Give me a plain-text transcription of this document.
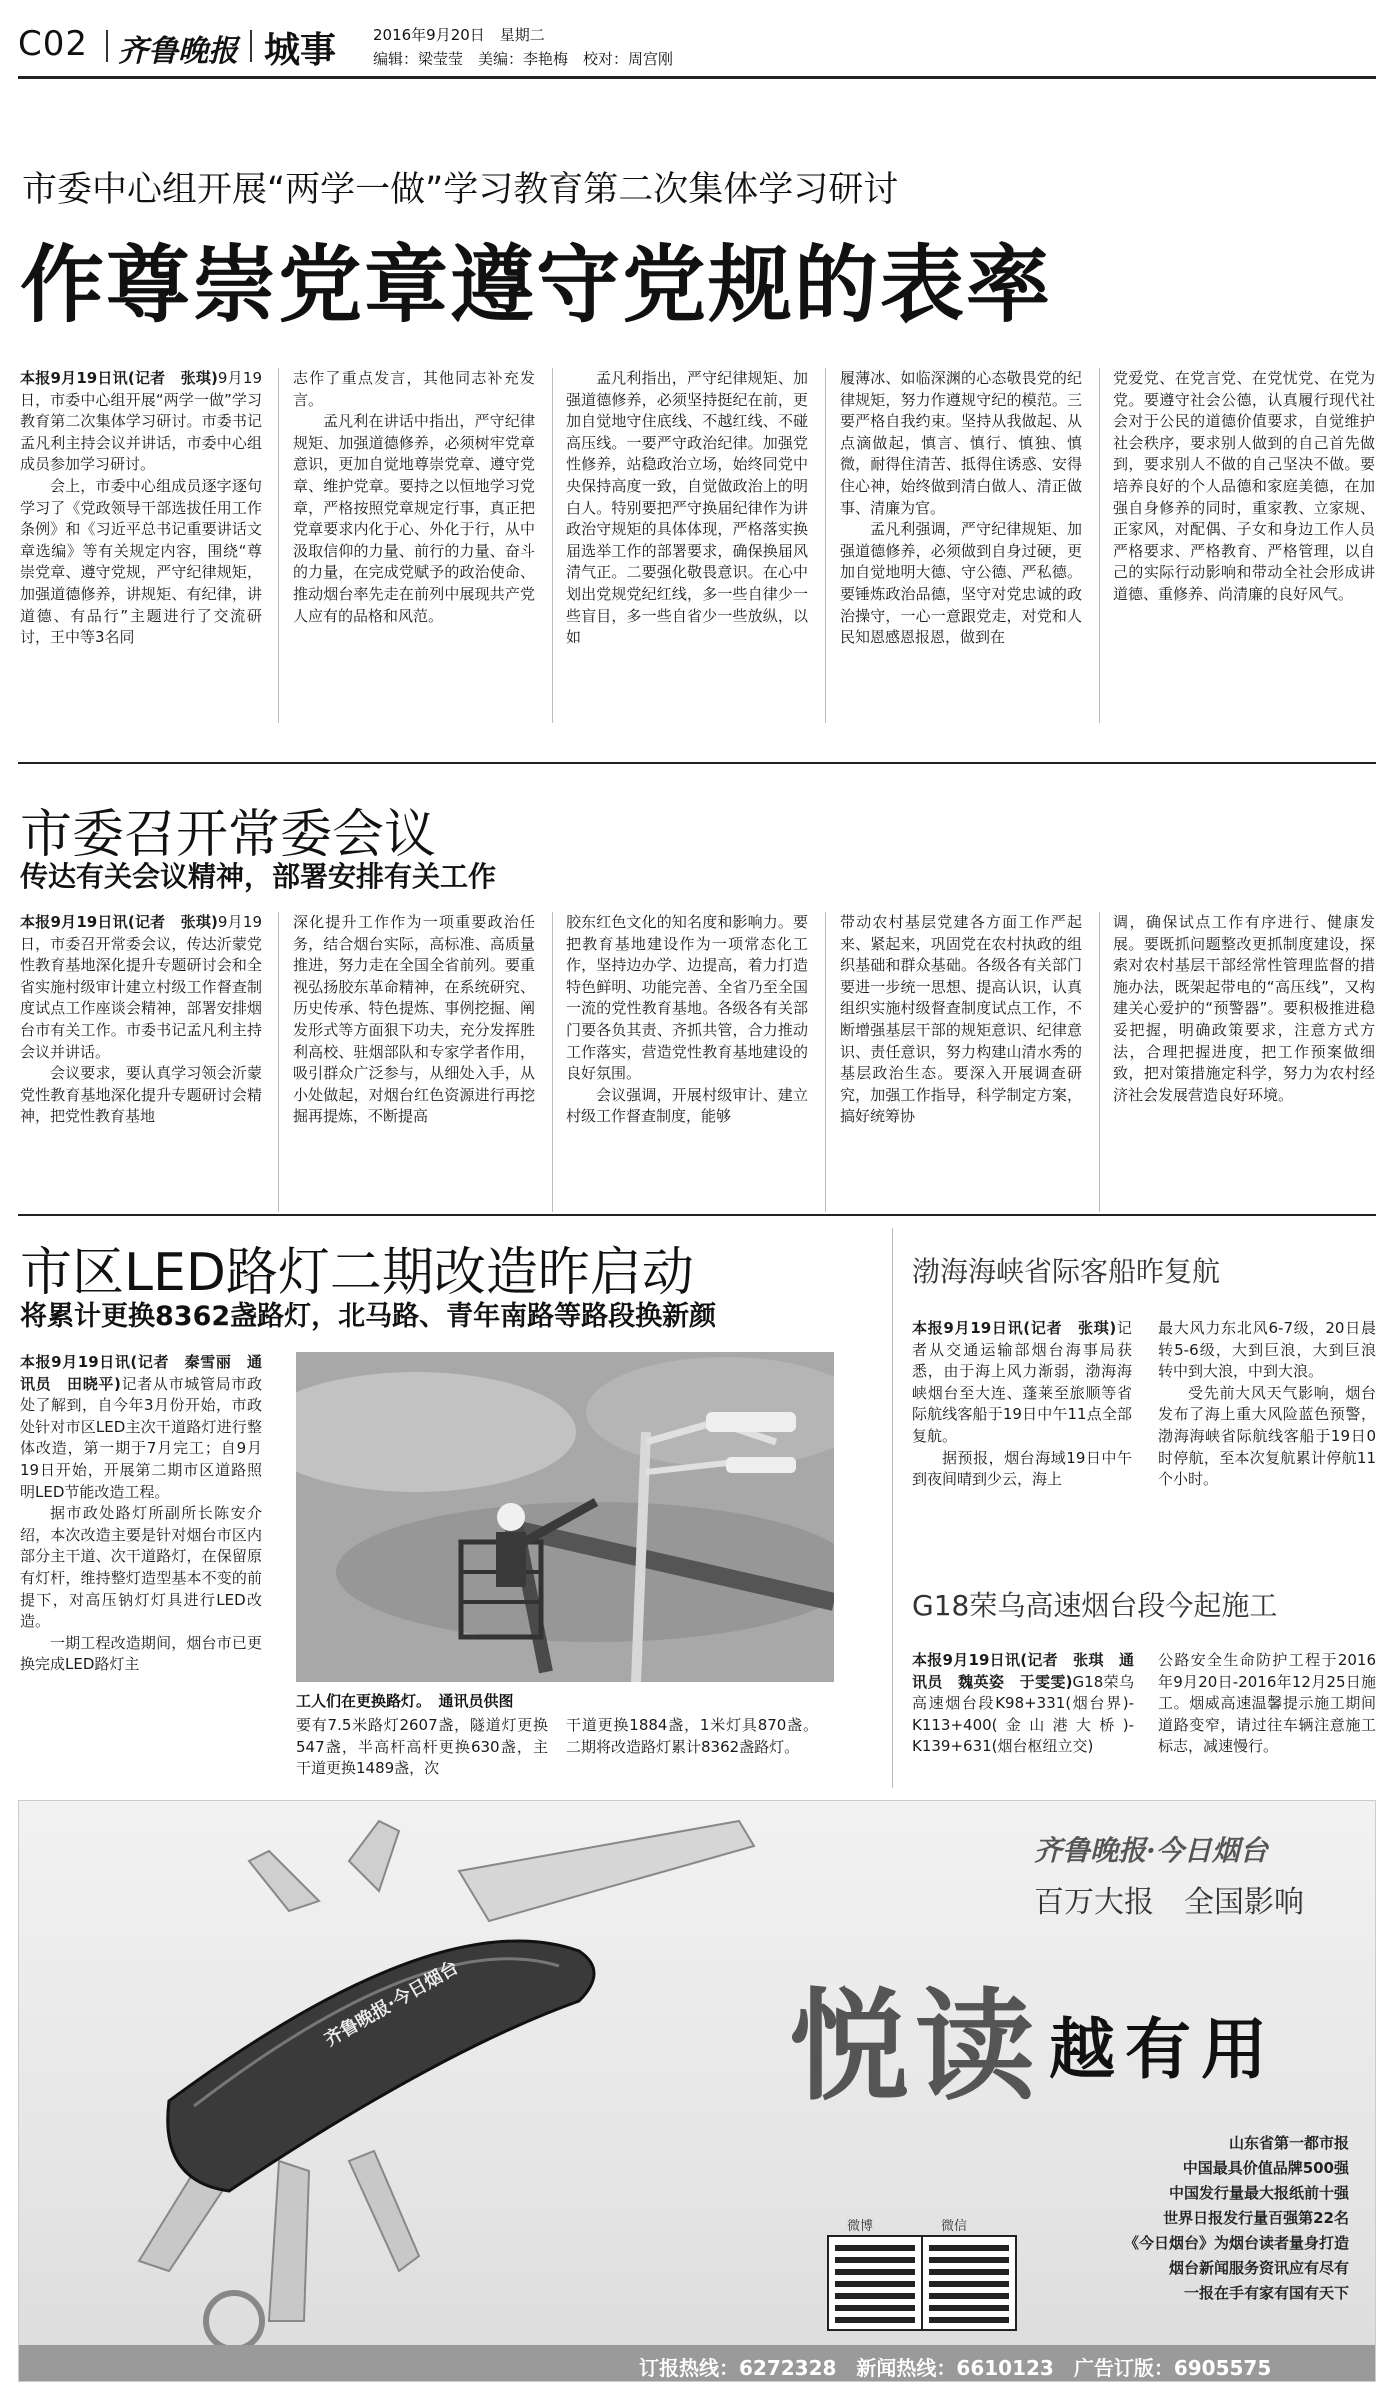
C02 齐鲁晚报 城事 2016年9月20日　星期二
编辑：梁莹莹　美编：李艳梅　校对：周宫刚
市委中心组开展“两学一做”学习教育第二次集体学习研讨
作尊崇党章遵守党规的表率

本报9月19日讯(记者　张琪)9月19日，市委中心组开展“两学一做”学习教育第二次集体学习研讨。市委书记孟凡利主持会议并讲话，市委中心组成员参加学习研讨。

会上，市委中心组成员逐字逐句学习了《党政领导干部选拔任用工作条例》和《习近平总书记重要讲话文章选编》等有关规定内容，围绕“尊崇党章、遵守党规，严守纪律规矩，加强道德修养，讲规矩、有纪律，讲道德、有品行”主题进行了交流研讨，王中等3名同

志作了重点发言，其他同志补充发言。

孟凡利在讲话中指出，严守纪律规矩、加强道德修养，必须树牢党章意识，更加自觉地尊崇党章、遵守党章、维护党章。要持之以恒地学习党章，严格按照党章规定行事，真正把党章要求内化于心、外化于行，从中汲取信仰的力量、前行的力量、奋斗的力量，在完成党赋予的政治使命、推动烟台率先走在前列中展现共产党人应有的品格和风范。

孟凡利指出，严守纪律规矩、加强道德修养，必须坚持挺纪在前，更加自觉地守住底线、不越红线、不碰高压线。一要严守政治纪律。加强党性修养，站稳政治立场，始终同党中央保持高度一致，自觉做政治上的明白人。特别要把严守换届纪律作为讲政治守规矩的具体体现，严格落实换届选举工作的部署要求，确保换届风清气正。二要强化敬畏意识。在心中划出党规党纪红线，多一些自律少一些盲目，多一些自省少一些放纵，以如

履薄冰、如临深渊的心态敬畏党的纪律规矩，努力作遵规守纪的模范。三要严格自我约束。坚持从我做起、从点滴做起，慎言、慎行、慎独、慎微，耐得住清苦、抵得住诱惑、安得住心神，始终做到清白做人、清正做事、清廉为官。

孟凡利强调，严守纪律规矩、加强道德修养，必须做到自身过硬，更加自觉地明大德、守公德、严私德。要锤炼政治品德，坚守对党忠诚的政治操守，一心一意跟党走，对党和人民知恩感恩报恩，做到在

党爱党、在党言党、在党忧党、在党为党。要遵守社会公德，认真履行现代社会对于公民的道德价值要求，自觉维护社会秩序，要求别人做到的自己首先做到，要求别人不做的自己坚决不做。要培养良好的个人品德和家庭美德，在加强自身修养的同时，重家教、立家规、正家风，对配偶、子女和身边工作人员严格要求、严格教育、严格管理，以自己的实际行动影响和带动全社会形成讲道德、重修养、尚清廉的良好风气。

市委召开常委会议
传达有关会议精神，部署安排有关工作

本报9月19日讯(记者　张琪)9月19日，市委召开常委会议，传达沂蒙党性教育基地深化提升专题研讨会和全省实施村级审计建立村级工作督查制度试点工作座谈会精神，部署安排烟台市有关工作。市委书记孟凡利主持会议并讲话。

会议要求，要认真学习领会沂蒙党性教育基地深化提升专题研讨会精神，把党性教育基地

深化提升工作作为一项重要政治任务，结合烟台实际，高标准、高质量推进，努力走在全国全省前列。要重视弘扬胶东革命精神，在系统研究、历史传承、特色提炼、事例挖掘、阐发形式等方面狠下功夫，充分发挥胜利高校、驻烟部队和专家学者作用，吸引群众广泛参与，从细处入手，从小处做起，对烟台红色资源进行再挖掘再提炼，不断提高

胶东红色文化的知名度和影响力。要把教育基地建设作为一项常态化工作，坚持边办学、边提高，着力打造特色鲜明、功能完善、全省乃至全国一流的党性教育基地。各级各有关部门要各负其责、齐抓共管，合力推动工作落实，营造党性教育基地建设的良好氛围。

会议强调，开展村级审计、建立村级工作督查制度，能够

带动农村基层党建各方面工作严起来、紧起来，巩固党在农村执政的组织基础和群众基础。各级各有关部门要进一步统一思想、提高认识，认真组织实施村级督查制度试点工作，不断增强基层干部的规矩意识、纪律意识、责任意识，努力构建山清水秀的基层政治生态。要深入开展调查研究，加强工作指导，科学制定方案，搞好统筹协

调，确保试点工作有序进行、健康发展。要既抓问题整改更抓制度建设，探索对农村基层干部经常性管理监督的措施办法，既架起带电的“高压线”，又构建关心爱护的“预警器”。要积极推进稳妥把握，明确政策要求，注意方式方法，合理把握进度，把工作预案做细致，把对策措施定科学，努力为农村经济社会发展营造良好环境。

市区LED路灯二期改造昨启动
将累计更换8362盏路灯，北马路、青年南路等路段换新颜

本报9月19日讯(记者　秦雪丽　通讯员　田晓平)记者从市城管局市政处了解到，自今年3月份开始，市政处针对市区LED主次干道路灯进行整体改造，第一期于7月完工；自9月19日开始，开展第二期市区道路照明LED节能改造工程。

据市政处路灯所副所长陈安介绍，本次改造主要是针对烟台市区内部分主干道、次干道路灯，在保留原有灯杆，维持整灯造型基本不变的前提下，对高压钠灯灯具进行LED改造。

一期工程改造期间，烟台市已更换完成LED路灯主

工人们在更换路灯。　通讯员供图

要有7.5米路灯2607盏，隧道灯更换547盏，半高杆高杆更换630盏，主干道更换1489盏，次

干道更换1884盏，1米灯具870盏。二期将改造路灯累计8362盏路灯。

渤海海峡省际客船昨复航

本报9月19日讯(记者　张琪)记者从交通运输部烟台海事局获悉，由于海上风力渐弱，渤海海峡烟台至大连、蓬莱至旅顺等省际航线客船于19日中午11点全部复航。

据预报，烟台海域19日中午到夜间晴到少云，海上

最大风力东北风6-7级，20日晨转5-6级，大到巨浪，大到巨浪转中到大浪，中到大浪。

受先前大风天气影响，烟台发布了海上重大风险蓝色预警，渤海海峡省际航线客船于19日0时停航，至本次复航累计停航11个小时。

G18荣乌高速烟台段今起施工

本报9月19日讯(记者　张琪　通讯员　魏英姿　于雯雯)G18荣乌高速烟台段K98+331(烟台界)-K113+400(金山港大桥)-K139+631(烟台枢纽立交)

公路安全生命防护工程于2016年9月20日-2016年12月25日施工。烟威高速温馨提示施工期间道路变窄，请过往车辆注意施工标志，减速慢行。

齐鲁晚报·今日烟台
齐鲁晚报·今日烟台
百万大报　全国影响
悦读 越有用
山东省第一都市报
中国最具价值品牌500强
中国发行量最大报纸前十强
世界日报发行量百强第22名
《今日烟台》为烟台读者量身打造
烟台新闻服务资讯应有尽有
一报在手有家有国有天下
微博	微信
订报热线：6272328　新闻热线：6610123　广告订版：6905575
